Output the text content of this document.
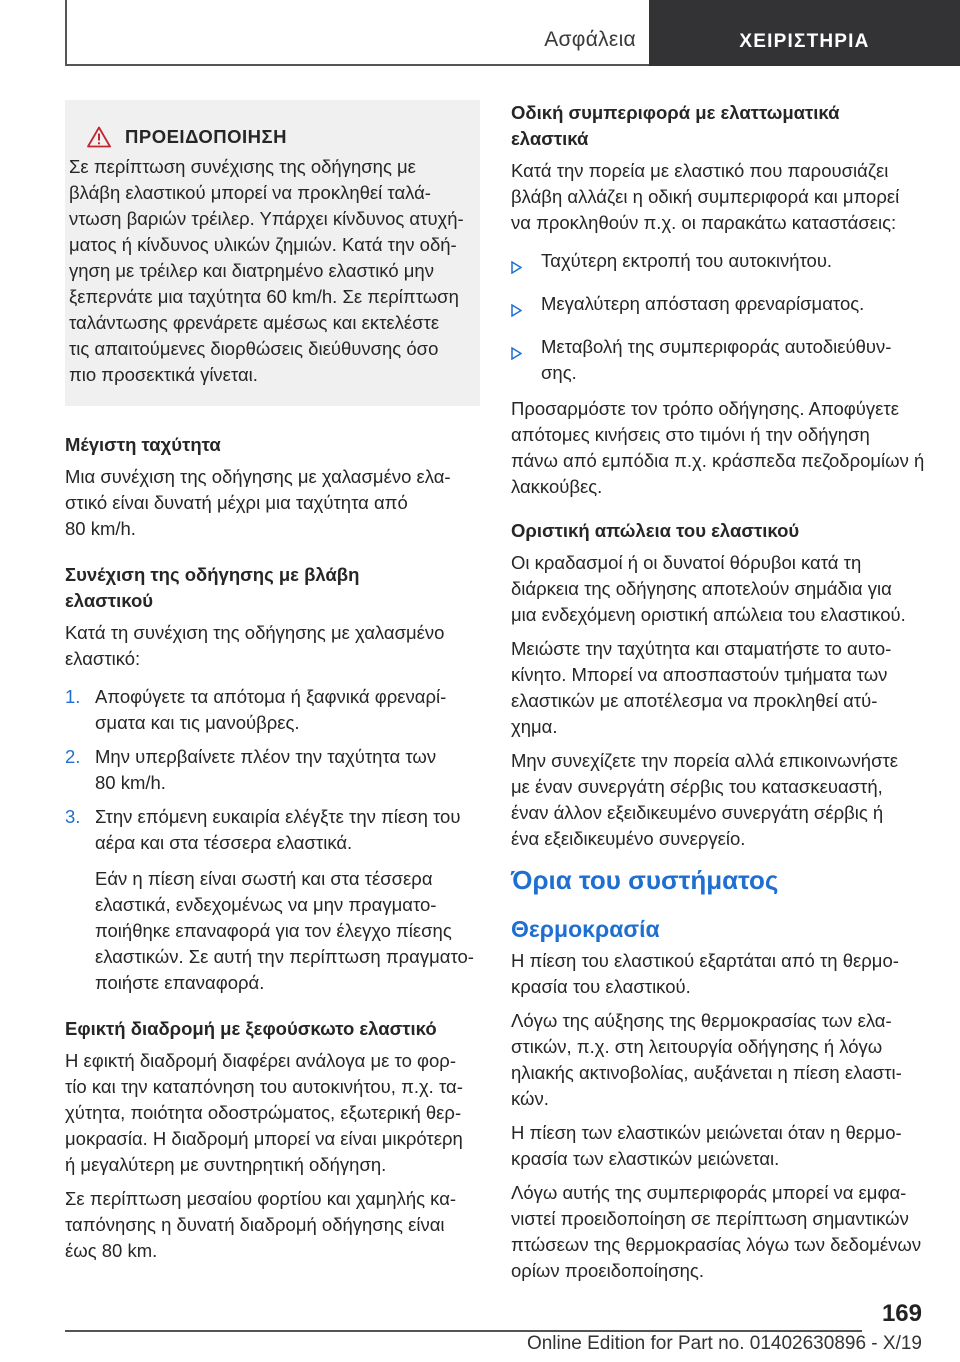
Ασφάλεια	ΧΕΙΡΙΣΤΗΡΙΑ
ΠΡΟΕΙΔΟΠΟΙΗΣΗ

Σε περίπτωση συνέχισης της οδήγησης με

βλάβη ελαστικού μπορεί να προκληθεί ταλά-

ντωση βαριών τρέιλερ. Υπάρχει κίνδυνος ατυχή-

ματος ή κίνδυνος υλικών ζημιών. Κατά την οδή-

γηση με τρέιλερ και διατρημένο ελαστικό μην

ξεπερνάτε μια ταχύτητα 60 km/h. Σε περίπτωση

ταλάντωσης φρενάρετε αμέσως και εκτελέστε

τις απαιτούμενες διορθώσεις διεύθυνσης όσο

πιο προσεκτικά γίνεται.

Μέγιστη ταχύτητα

Μια συνέχιση της οδήγησης με χαλασμένο ελα-

στικό είναι δυνατή μέχρι μια ταχύτητα από

80 km/h.

Συνέχιση της οδήγησης με βλάβη
ελαστικού

Κατά τη συνέχιση της οδήγησης με χαλασμένο

ελαστικό:

1. Αποφύγετε τα απότομα ή ξαφνικά φρεναρί-
σματα και τις μανούβρες.
2. Μην υπερβαίνετε πλέον την ταχύτητα των
80 km/h.
3. Στην επόμενη ευκαιρία ελέγξτε την πίεση του
αέρα και στα τέσσερα ελαστικά.

Εάν η πίεση είναι σωστή και στα τέσσερα

ελαστικά, ενδεχομένως να μην πραγματο-

ποιήθηκε επαναφορά για τον έλεγχο πίεσης

ελαστικών. Σε αυτή την περίπτωση πραγματο-

ποιήστε επαναφορά.

Εφικτή διαδρομή με ξεφούσκωτο ελαστικό

Η εφικτή διαδρομή διαφέρει ανάλογα με το φορ-

τίο και την καταπόνηση του αυτοκινήτου, π.χ. τα-

χύτητα, ποιότητα οδοστρώματος, εξωτερική θερ-

μοκρασία. Η διαδρομή μπορεί να είναι μικρότερη

ή μεγαλύτερη με συντηρητική οδήγηση.

Σε περίπτωση μεσαίου φορτίου και χαμηλής κα-

ταπόνησης η δυνατή διαδρομή οδήγησης είναι

έως 80 km.

Οδική συμπεριφορά με ελαττωματικά
ελαστικά

Κατά την πορεία με ελαστικό που παρουσιάζει

βλάβη αλλάζει η οδική συμπεριφορά και μπορεί

να προκληθούν π.χ. οι παρακάτω καταστάσεις:

Ταχύτερη εκτροπή του αυτοκινήτου.
Μεγαλύτερη απόσταση φρεναρίσματος.
Μεταβολή της συμπεριφοράς αυτοδιεύθυν-
σης.

Προσαρμόστε τον τρόπο οδήγησης. Αποφύγετε

απότομες κινήσεις στο τιμόνι ή την οδήγηση

πάνω από εμπόδια π.χ. κράσπεδα πεζοδρομίων ή

λακκούβες.

Οριστική απώλεια του ελαστικού

Οι κραδασμοί ή οι δυνατοί θόρυβοι κατά τη

διάρκεια της οδήγησης αποτελούν σημάδια για

μια ενδεχόμενη οριστική απώλεια του ελαστικού.

Μειώστε την ταχύτητα και σταματήστε το αυτο-

κίνητο. Μπορεί να αποσπαστούν τμήματα των

ελαστικών με αποτέλεσμα να προκληθεί ατύ-

χημα.

Μην συνεχίζετε την πορεία αλλά επικοινωνήστε

με έναν συνεργάτη σέρβις του κατασκευαστή,

έναν άλλον εξειδικευμένο συνεργάτη σέρβις ή

ένα εξειδικευμένο συνεργείο.

Όρια του συστήματος
Θερμοκρασία

Η πίεση του ελαστικού εξαρτάται από τη θερμο-

κρασία του ελαστικού.

Λόγω της αύξησης της θερμοκρασίας των ελα-

στικών, π.χ. στη λειτουργία οδήγησης ή λόγω

ηλιακής ακτινοβολίας, αυξάνεται η πίεση ελαστι-

κών.

Η πίεση των ελαστικών μειώνεται όταν η θερμο-

κρασία των ελαστικών μειώνεται.

Λόγω αυτής της συμπεριφοράς μπορεί να εμφα-

νιστεί προειδοποίηση σε περίπτωση σημαντικών

πτώσεων της θερμοκρασίας λόγω των δεδομένων

ορίων προειδοποίησης.

169
Online Edition for Part no. 01402630896 - X/19
